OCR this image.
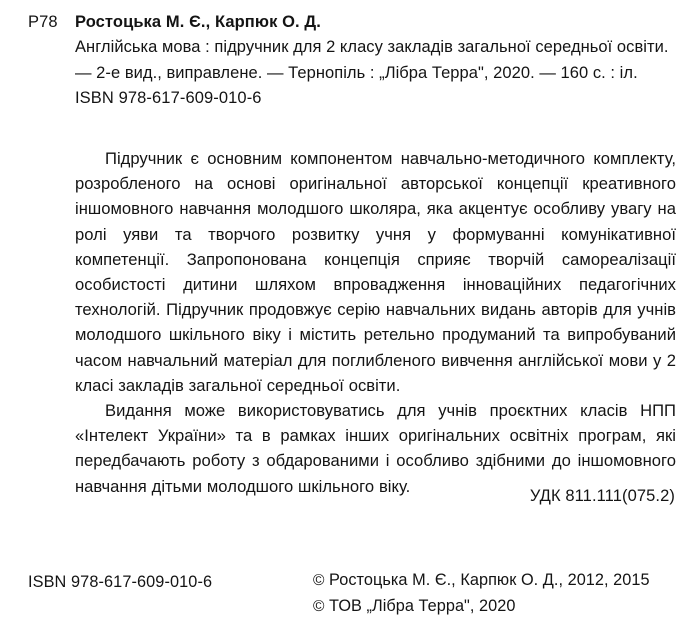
Р78 Ростоцька М. Є., Карпюк О. Д.
Англійська мова : підручник для 2 класу закладів загальної середньої освіти. — 2-е вид., виправлене. — Тернопіль : „Лібра Терра", 2020. — 160 с. : іл.
ISBN 978-617-609-010-6

Підручник є основним компонентом навчально-методичного комплекту, розробленого на основі оригінальної авторської концепції креативного іншомовного навчання молодшого школяра, яка акцентує особливу увагу на ролі уяви та творчого розвитку учня у формуванні комунікативної компетенції. Запропонована концепція сприяє творчій самореалізації особистості дитини шляхом впровадження інноваційних педагогічних технологій. Підручник продовжує серію навчальних видань авторів для учнів молодшого шкільного віку і містить ретельно продуманий та випробуваний часом навчальний матеріал для поглибленого вивчення англійської мови у 2 класі закладів загальної середньої освіти.

Видання може використовуватись для учнів проєктних класів НПП «Інтелект України» та в рамках інших оригінальних освітніх програм, які передбачають роботу з обдарованими і особливо здібними до іншомовного навчання дітьми молодшого шкільного віку.

УДК 811.111(075.2)
ISBN 978-617-609-010-6	© Ростоцька М. Є., Карпюк О. Д., 2012, 2015
© ТОВ „Лібра Терра", 2020
